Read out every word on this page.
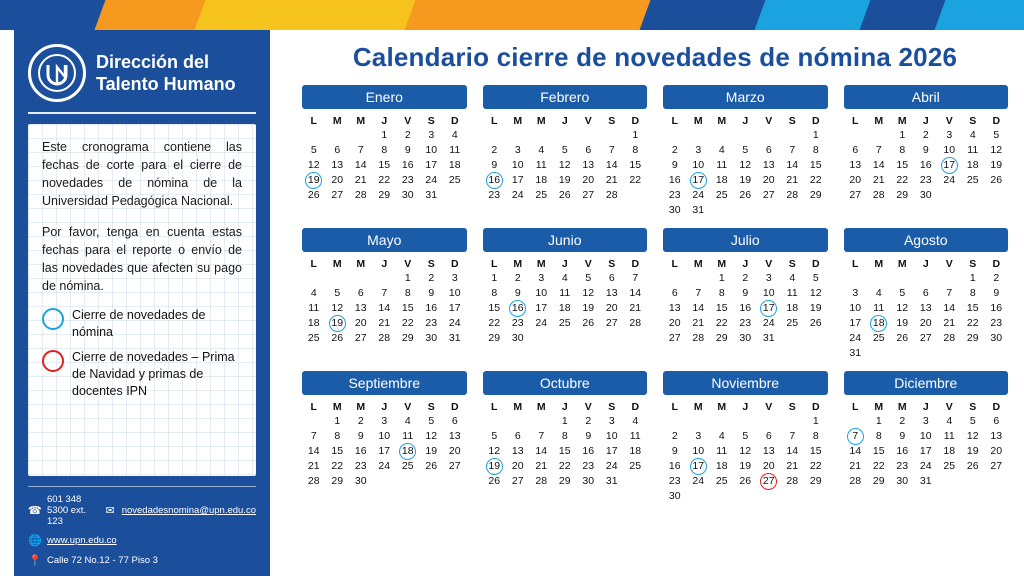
Dirección del
Talento Humano

Este cronograma contiene las fechas de corte para el cierre de novedades de nómina de la Universidad Pedagógica Nacional.

Por favor, tenga en cuenta estas fechas para el reporte o envío de las novedades que afecten su pago de nómina.

Cierre de novedades de nómina
Cierre de novedades – Prima de Navidad y primas de docentes IPN
☎
601 348 5300 ext. 123
✉ novedadesnomina@upn.edu.co
🌐 www.upn.edu.co
📍 Calle 72 No.12 - 77 Piso 3
Calendario cierre de novedades de nómina 2026
Enero
L	M	M	J	V	S	D
			1	2	3	4
5	6	7	8	9	10	11
12	13	14	15	16	17	18
19	20	21	22	23	24	25
26	27	28	29	30	31	
Febrero
L	M	M	J	V	S	D
						1
2	3	4	5	6	7	8
9	10	11	12	13	14	15
16	17	18	19	20	21	22
23	24	25	26	27	28	
Marzo
L	M	M	J	V	S	D
						1
2	3	4	5	6	7	8
9	10	11	12	13	14	15
16	17	18	19	20	21	22
23	24	25	26	27	28	29
30	31					
Abril
L	M	M	J	V	S	D
		1	2	3	4	5
6	7	8	9	10	11	12
13	14	15	16	17	18	19
20	21	22	23	24	25	26
27	28	29	30			
Mayo
L	M	M	J	V	S	D
				1	2	3
4	5	6	7	8	9	10
11	12	13	14	15	16	17
18	19	20	21	22	23	24
25	26	27	28	29	30	31
Junio
L	M	M	J	V	S	D
1	2	3	4	5	6	7
8	9	10	11	12	13	14
15	16	17	18	19	20	21
22	23	24	25	26	27	28
29	30					
Julio
L	M	M	J	V	S	D
		1	2	3	4	5
6	7	8	9	10	11	12
13	14	15	16	17	18	19
20	21	22	23	24	25	26
27	28	29	30	31		
Agosto
L	M	M	J	V	S	D
					1	2
3	4	5	6	7	8	9
10	11	12	13	14	15	16
17	18	19	20	21	22	23
24	25	26	27	28	29	30
31						
Septiembre
L	M	M	J	V	S	D
	1	2	3	4	5	6
7	8	9	10	11	12	13
14	15	16	17	18	19	20
21	22	23	24	25	26	27
28	29	30				
Octubre
L	M	M	J	V	S	D
			1	2	3	4
5	6	7	8	9	10	11
12	13	14	15	16	17	18
19	20	21	22	23	24	25
26	27	28	29	30	31	
Noviembre
L	M	M	J	V	S	D
						1
2	3	4	5	6	7	8
9	10	11	12	13	14	15
16	17	18	19	20	21	22
23	24	25	26	27	28	29
30						
Diciembre
L	M	M	J	V	S	D
	1	2	3	4	5	6
7	8	9	10	11	12	13
14	15	16	17	18	19	20
21	22	23	24	25	26	27
28	29	30	31			
